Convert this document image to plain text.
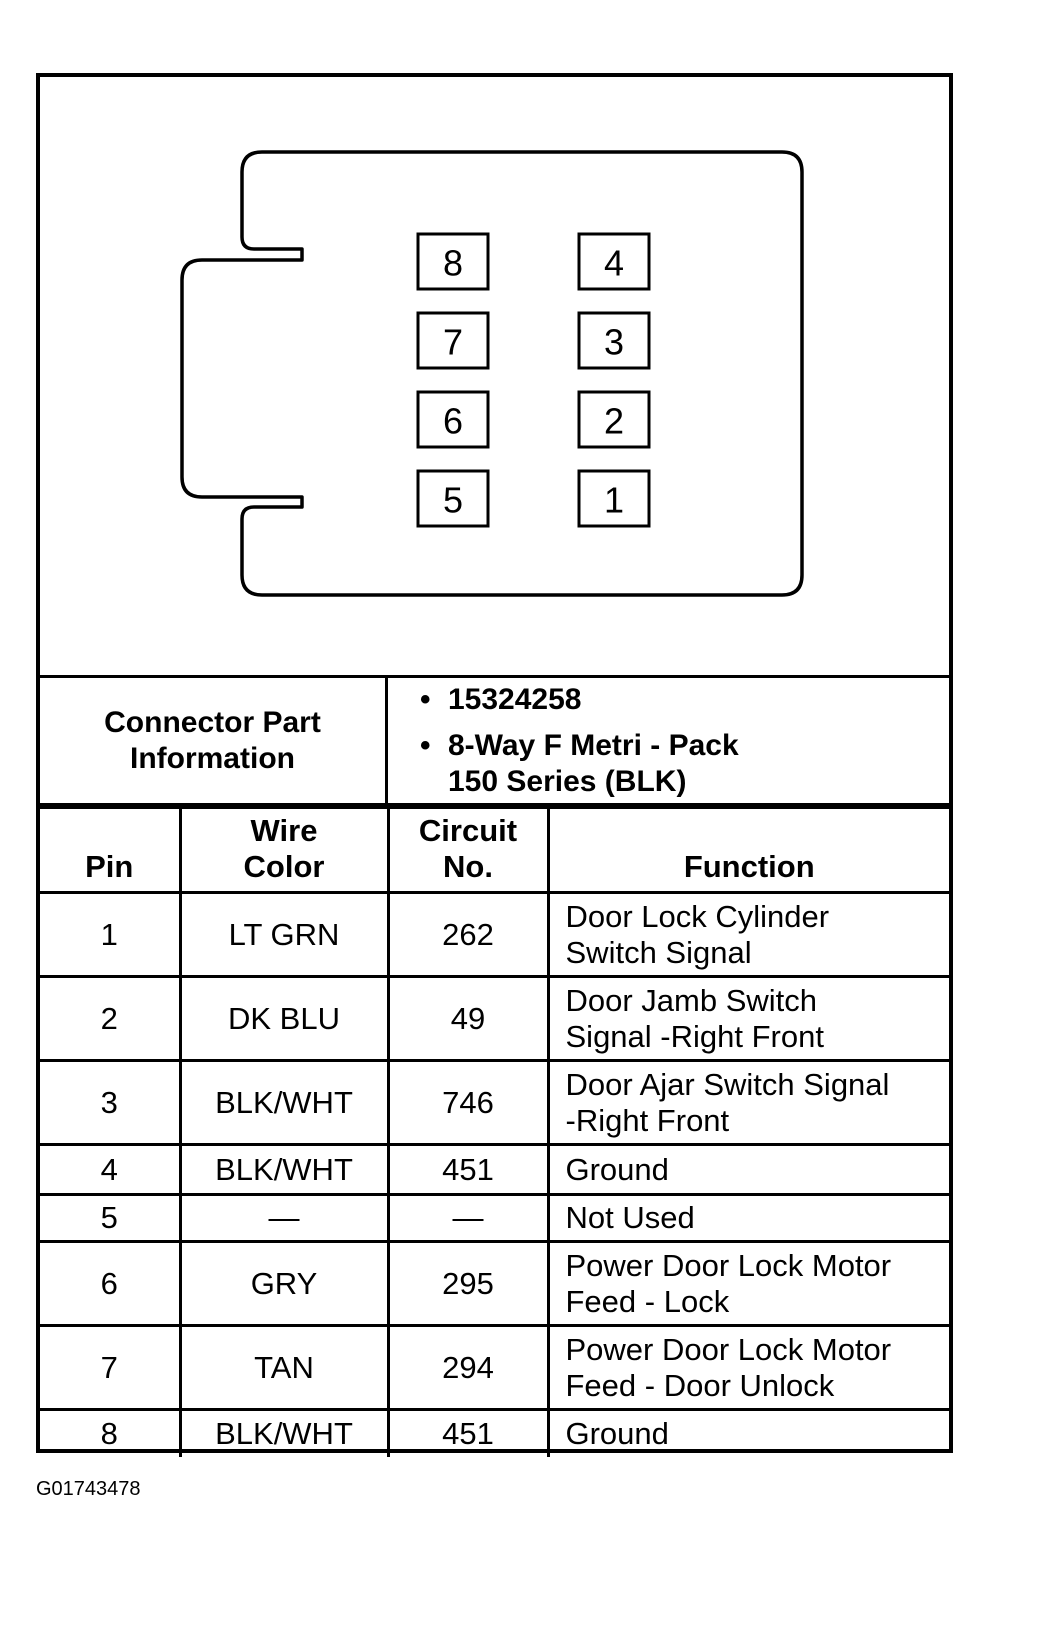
8
7
6
5
4
3
2
1
Connector Part
Information
• 15324258
• 8-Way F Metri - Pack
150 Series (BLK)
Pin	Wire Color	Circuit No.	Function
1	LT GRN	262	Door Lock Cylinder
Switch Signal
2	DK BLU	49	Door Jamb Switch
Signal -Right Front
3	BLK/WHT	746	Door Ajar Switch Signal
-Right Front
4	BLK/WHT	451	Ground
5	—	—	Not Used
6	GRY	295	Power Door Lock Motor
Feed - Lock
7	TAN	294	Power Door Lock Motor
Feed - Door Unlock
8	BLK/WHT	451	Ground
G01743478
